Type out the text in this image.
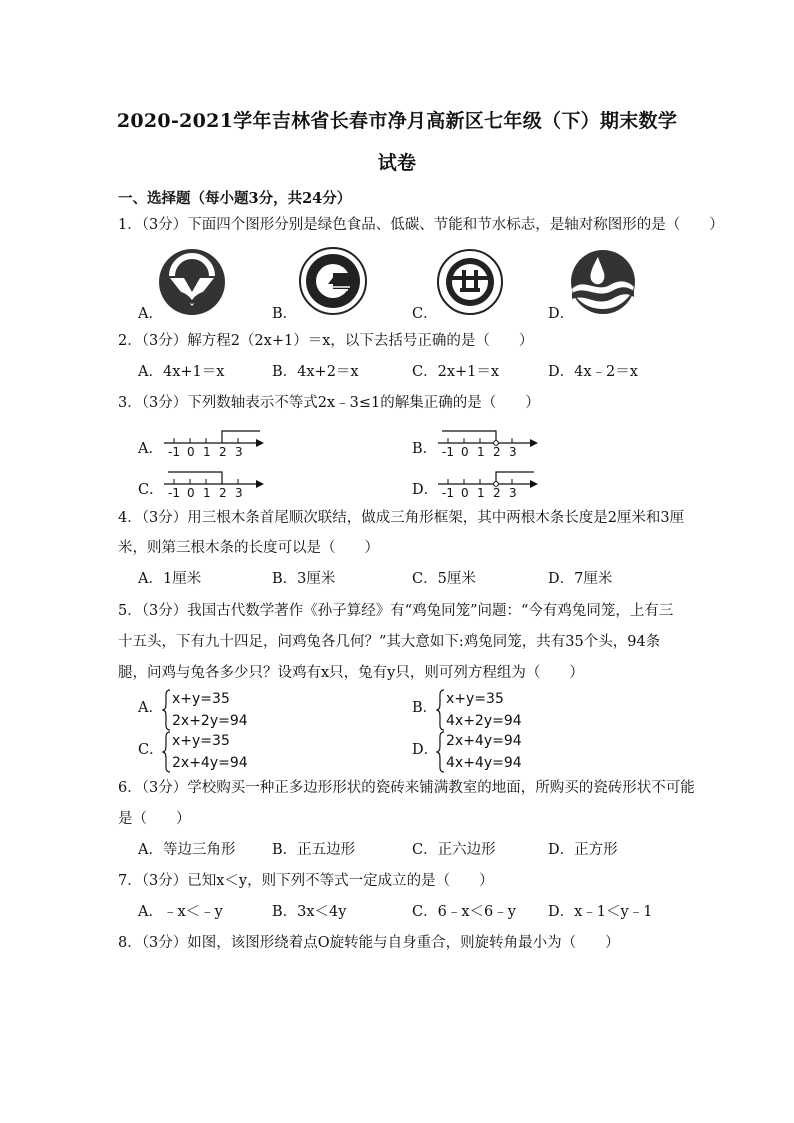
2020-2021学年吉林省长春市净月高新区七年级（下）期末数学
试卷
一、选择题（每小题3分，共24分）
1．（3分）下面四个图形分别是绿色食品、低碳、节能和节水标志，是轴对称图形的是（　　）
A．	B．	C．	D．
2．（3分）解方程2（2x+1）＝x，以下去括号正确的是（　　）
A．4x+1＝x	B．4x+2＝x	C．2x+1＝x	D．4x﹣2＝x
3．（3分）下列数轴表示不等式2x﹣3≤1的解集正确的是（　　）
A． -1 0 1 2 3	B． -1 0 1 2 3
C． -1 0 1 2 3	D． -1 0 1 2 3
4．（3分）用三根木条首尾顺次联结，做成三角形框架，其中两根木条长度是2厘米和3厘
米，则第三根木条的长度可以是（　　）
A．1厘米	B．3厘米	C．5厘米	D．7厘米
5．（3分）我国古代数学著作《孙子算经》有“鸡兔同笼”问题：“今有鸡兔同笼，上有三
十五头，下有九十四足，问鸡兔各几何？”其大意如下:鸡兔同笼，共有35个头，94条
腿，问鸡与兔各多少只？设鸡有x只，兔有y只，则可列方程组为（　　）
A．
x+y=35
2x+2y=94
B．
x+y=35
4x+2y=94
C．
x+y=35
2x+4y=94
D．
2x+4y=94
4x+4y=94
6．（3分）学校购买一种正多边形形状的瓷砖来铺满教室的地面，所购买的瓷砖形状不可能
是（　　）
A．等边三角形	B．正五边形	C．正六边形	D．正方形
7．（3分）已知x＜y，则下列不等式一定成立的是（　　）
A．﹣x＜﹣y	B．3x＜4y	C．6﹣x＜6﹣y D．x﹣1＜y﹣1
8．（3分）如图，该图形绕着点O旋转能与自身重合，则旋转角最小为（　　）
